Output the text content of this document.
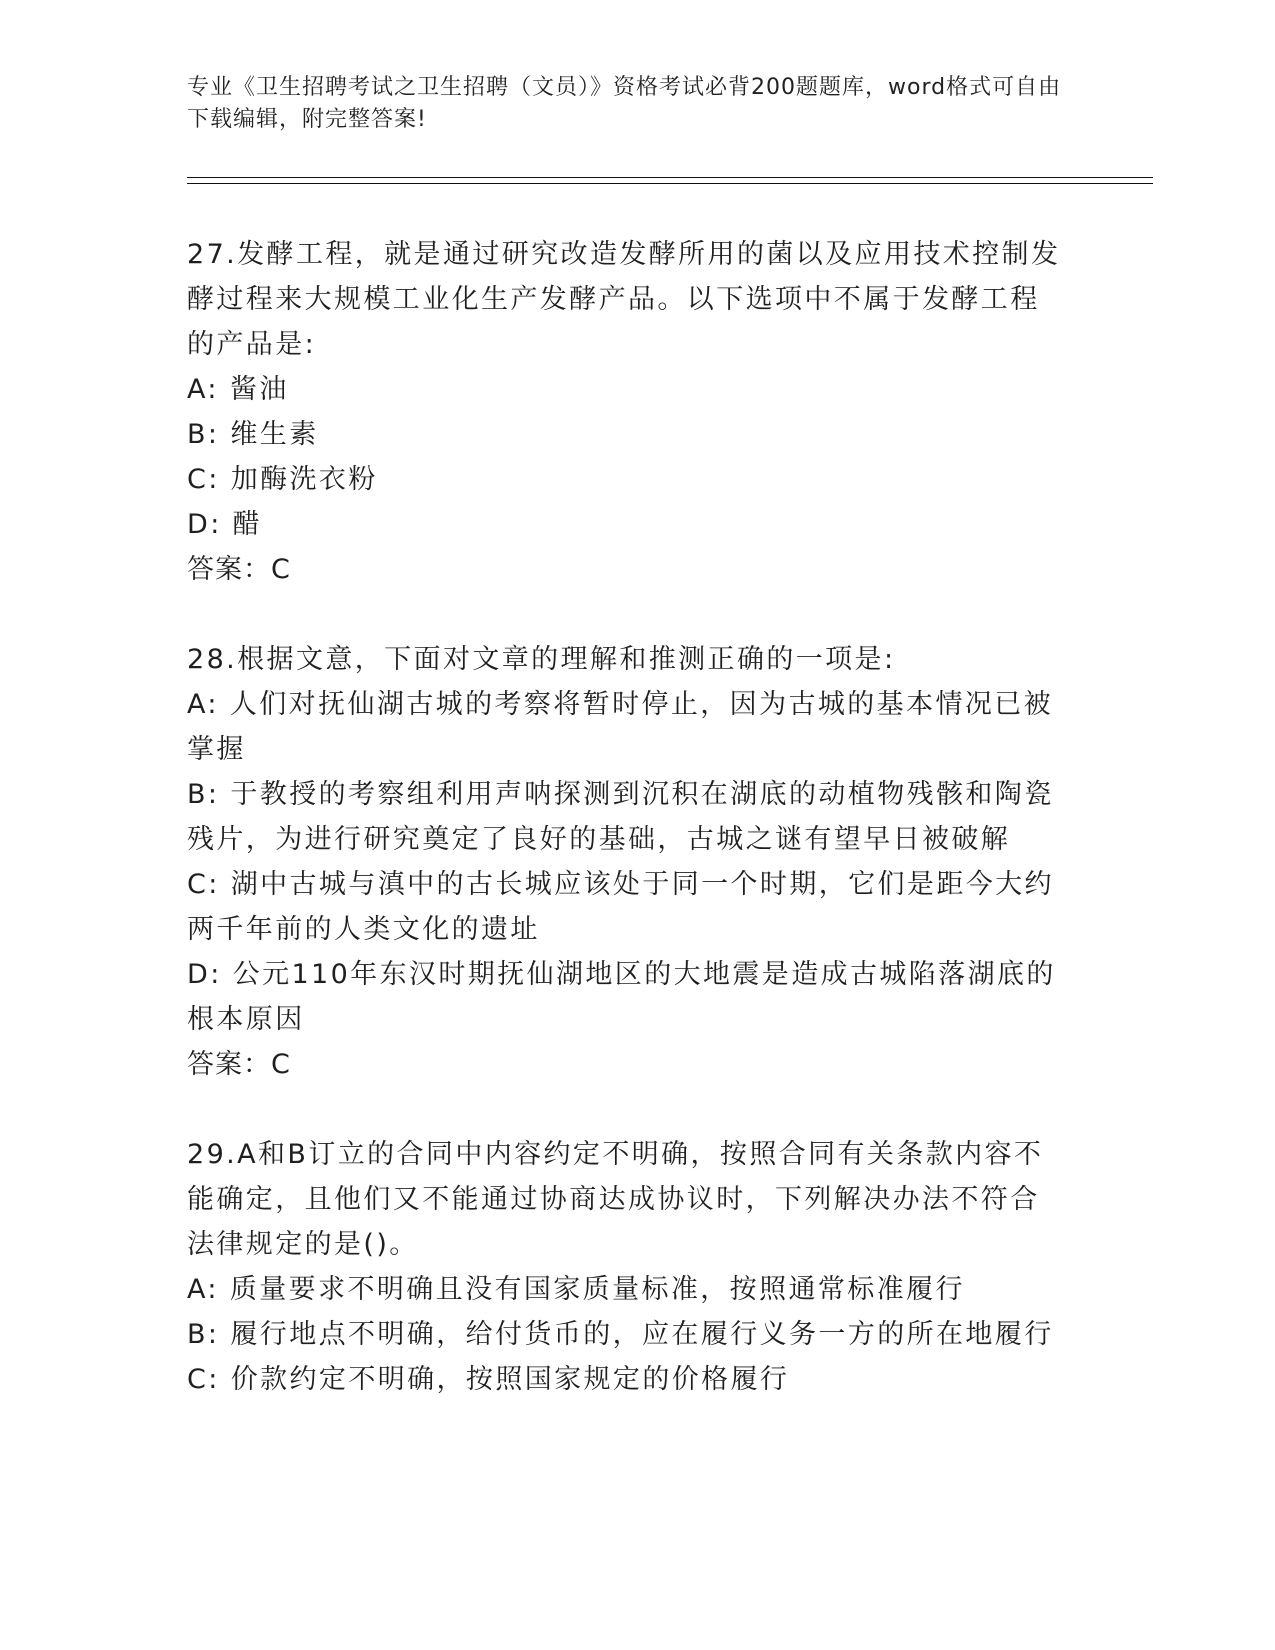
专业《卫生招聘考试之卫生招聘（文员）》资格考试必背200题题库，word格式可自由下载编辑，附完整答案!

27.发酵工程，就是通过研究改造发酵所用的菌以及应用技术控制发酵过程来大规模工业化生产发酵产品。以下选项中不属于发酵工程的产品是:

A: 酱油

B: 维生素

C: 加酶洗衣粉

D: 醋

答案：C

28.根据文意，下面对文章的理解和推测正确的一项是:

A: 人们对抚仙湖古城的考察将暂时停止，因为古城的基本情况已被掌握

B: 于教授的考察组利用声呐探测到沉积在湖底的动植物残骸和陶瓷残片，为进行研究奠定了良好的基础，古城之谜有望早日被破解

C: 湖中古城与滇中的古长城应该处于同一个时期，它们是距今大约两千年前的人类文化的遗址

D: 公元110年东汉时期抚仙湖地区的大地震是造成古城陷落湖底的根本原因

答案：C

29.A和B订立的合同中内容约定不明确，按照合同有关条款内容不能确定，且他们又不能通过协商达成协议时，下列解决办法不符合法律规定的是()。

A: 质量要求不明确且没有国家质量标准，按照通常标准履行

B: 履行地点不明确，给付货币的，应在履行义务一方的所在地履行

C: 价款约定不明确，按照国家规定的价格履行
